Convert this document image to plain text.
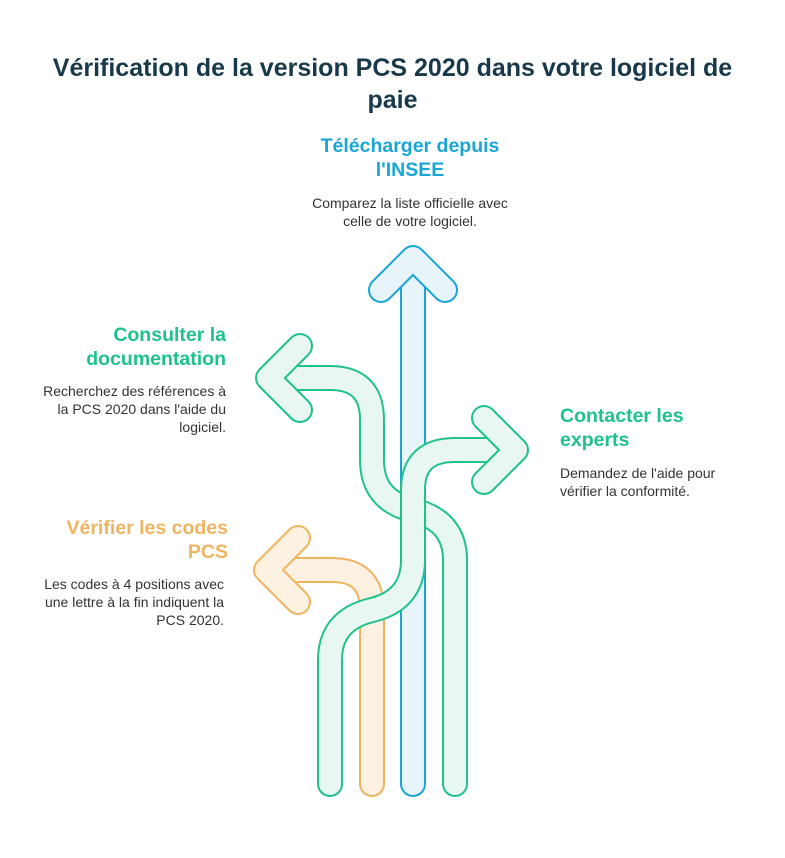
Vérification de la version PCS 2020 dans votre logiciel de paie
Télécharger depuis l'INSEE
Comparez la liste officielle avec celle de votre logiciel.
Consulter la documentation
Recherchez des références à la PCS 2020 dans l'aide du logiciel.	Contacter les experts
Demandez de l'aide pour vérifier la conformité.
Vérifier les codes PCS
Les codes à 4 positions avec une lettre à la fin indiquent la PCS 2020.
